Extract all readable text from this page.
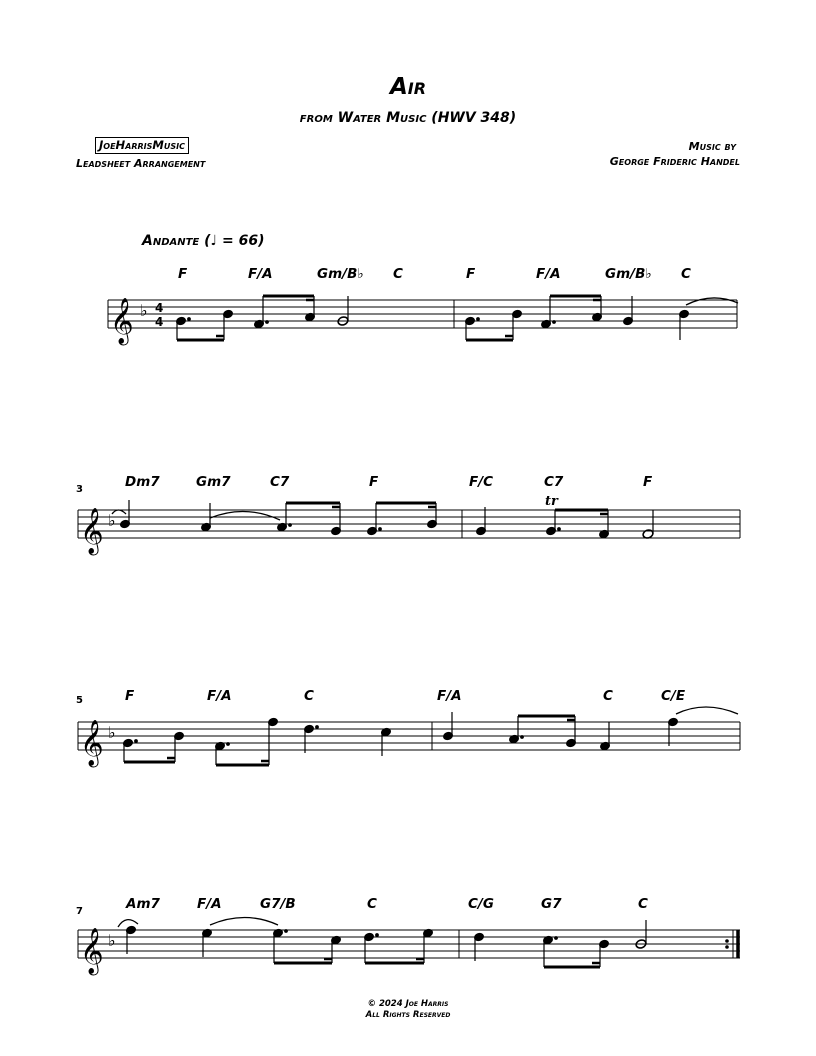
Air
from Water Music (HWV 348)
JoeHarrisMusic
Leadsheet Arrangement
Music by
George Frideric Handel
Andante (♩ = 66)
F	F/A	Gm/B♭ C	F	F/A	Gm/B♭ C
𝄞 ♭ 4
4
3	Dm7	Gm7	C7	F	F/C	C7	F
𝄞 ♭
tr
5	F	F/A	C	F/A	C	C/E
𝄞 ♭
7	Am7	F/A	G7/B	C	C/G	G7	C
𝄞 ♭
© 2024 Joe Harris
All Rights Reserved
